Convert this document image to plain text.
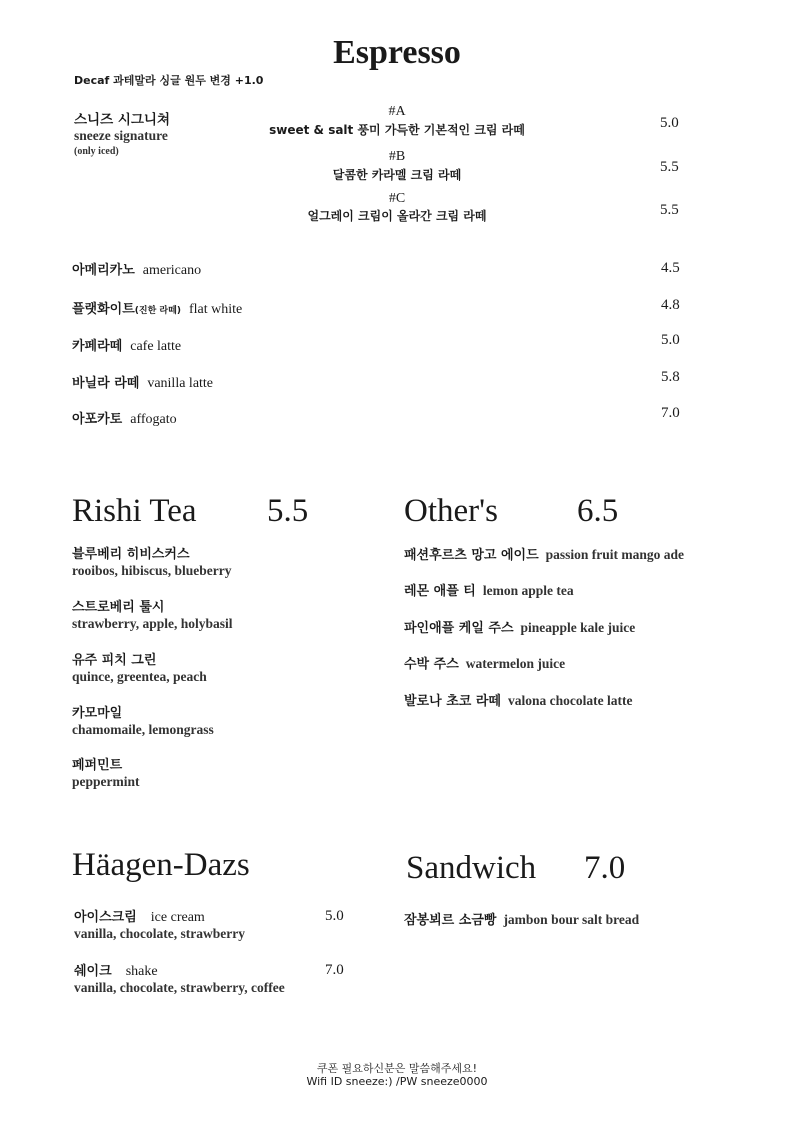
Espresso
Decaf 과테말라 싱글 원두 변경 +1.0
스니즈 시그니쳐
sneeze signature
(only iced)
#A
sweet & salt 풍미 가득한 기본적인 크림 라떼	5.0
#B
달콤한 카라멜 크림 라떼	5.5
#C
얼그레이 크림이 올라간 크림 라떼	5.5
아메리카노 americano	4.5
플랫화이트(진한 라떼) flat white	4.8
카페라떼 cafe latte	5.0
바닐라 라떼 vanilla latte	5.8
아포카토 affogato	7.0
Rishi Tea 5.5
블루베리 히비스커스
rooibos, hibiscus, blueberry
스트로베리 툴시
strawberry, apple, holybasil
유주 피치 그린
quince, greentea, peach
카모마일
chamomaile, lemongrass
페퍼민트
peppermint
Other's 6.5
패션후르츠 망고 에이드 passion fruit mango ade
레몬 애플 티 lemon apple tea
파인애플 케일 주스 pineapple kale juice
수박 주스 watermelon juice
발로나 초코 라떼 valona chocolate latte
Häagen-Dazs
아이스크림 ice cream	5.0
vanilla, chocolate, strawberry
쉐이크 shake	7.0
vanilla, chocolate, strawberry, coffee
Sandwich 7.0
잠봉뵈르 소금빵 jambon bour salt bread
쿠폰 필요하신분은 말씀해주세요!
Wifi ID sneeze:) /PW sneeze0000
